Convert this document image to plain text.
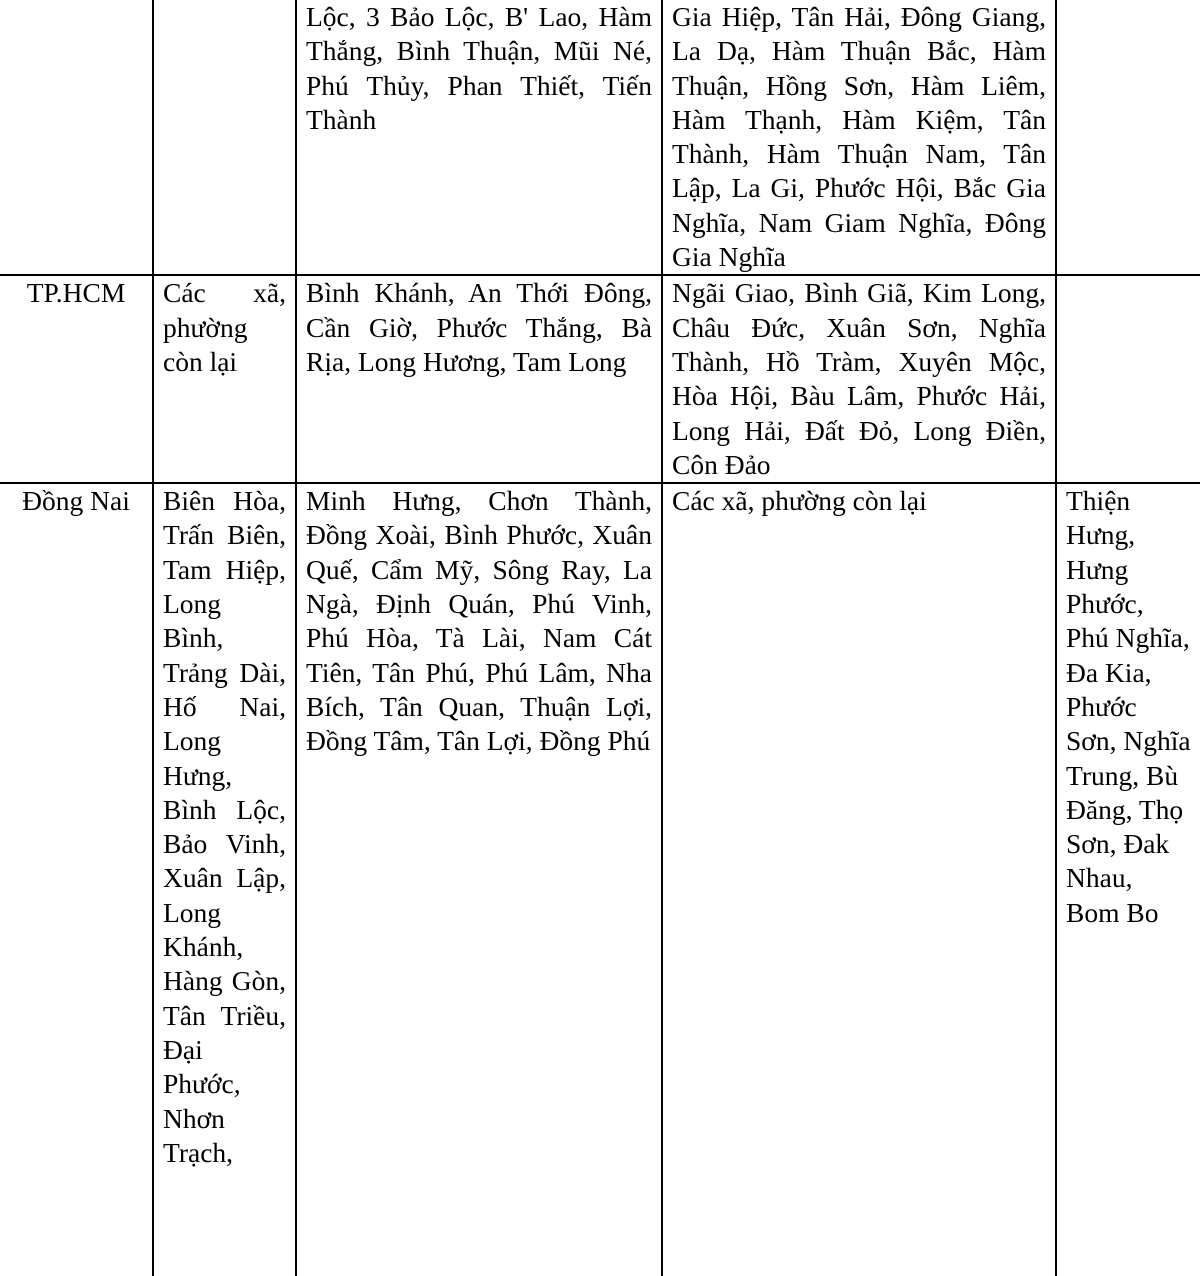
		Lộc, 3 Bảo Lộc, B' Lao, Hàm Thắng, Bình Thuận, Mũi Né, Phú Thủy, Phan Thiết, Tiến Thành	Gia Hiệp, Tân Hải, Đông Giang, La Dạ, Hàm Thuận Bắc, Hàm Thuận, Hồng Sơn, Hàm Liêm, Hàm Thạnh, Hàm Kiệm, Tân Thành, Hàm Thuận Nam, Tân Lập, La Gi, Phước Hội, Bắc Gia Nghĩa, Nam Giam Nghĩa, Đông Gia Nghĩa	
TP.HCM	Các xã, phường còn lại	Bình Khánh, An Thới Đông, Cần Giờ, Phước Thắng, Bà Rịa, Long Hương, Tam Long	Ngãi Giao, Bình Giã, Kim Long, Châu Đức, Xuân Sơn, Nghĩa Thành, Hồ Tràm, Xuyên Mộc, Hòa Hội, Bàu Lâm, Phước Hải, Long Hải, Đất Đỏ, Long Điền, Côn Đảo	
Đồng Nai	Biên Hòa, Trấn Biên, Tam Hiệp, Long Bình, Trảng Dài, Hố Nai, Long Hưng, Bình Lộc, Bảo Vinh, Xuân Lập, Long Khánh, Hàng Gòn, Tân Triều, Đại Phước, Nhơn Trạch,	Minh Hưng, Chơn Thành, Đồng Xoài, Bình Phước, Xuân Quế, Cẩm Mỹ, Sông Ray, La Ngà, Định Quán, Phú Vinh, Phú Hòa, Tà Lài, Nam Cát Tiên, Tân Phú, Phú Lâm, Nha Bích, Tân Quan, Thuận Lợi, Đồng Tâm, Tân Lợi, Đồng Phú	Các xã, phường còn lại	Thiện Hưng, Hưng Phước, Phú Nghĩa, Đa Kia, Phước Sơn, Nghĩa Trung, Bù Đăng, Thọ Sơn, Đak Nhau, Bom Bo
